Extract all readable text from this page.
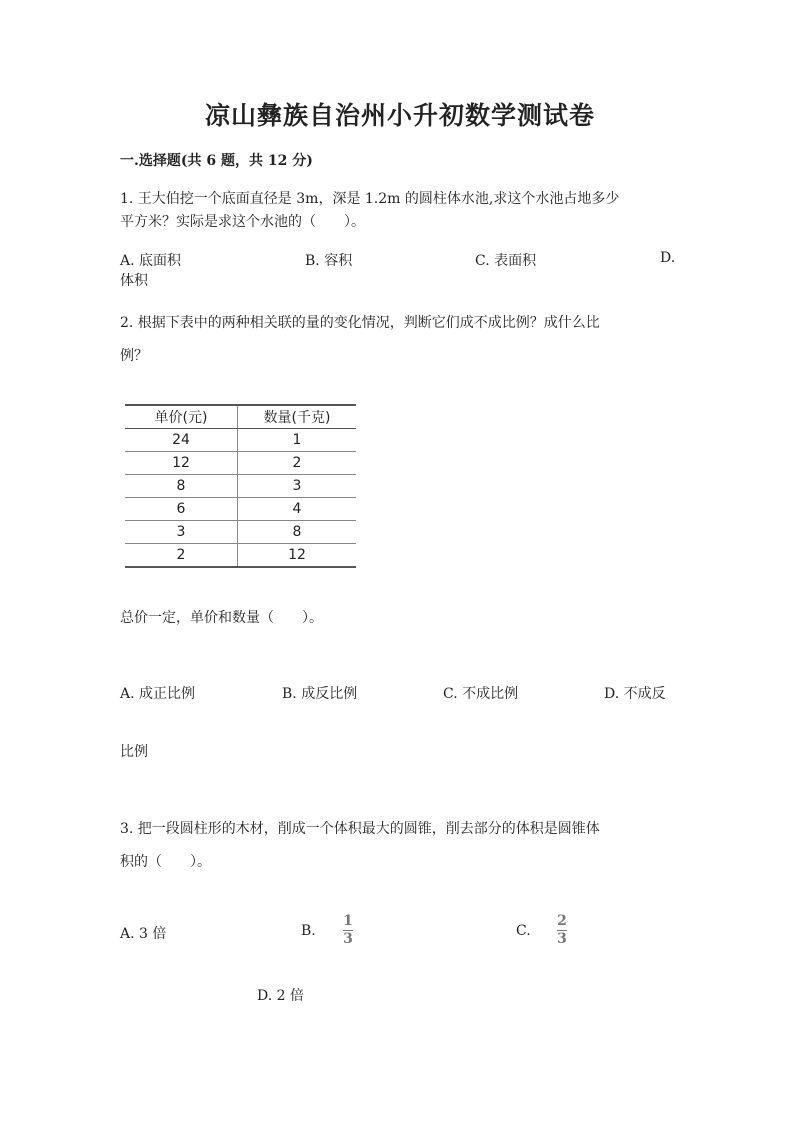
凉山彝族自治州小升初数学测试卷
一.选择题(共 6 题，共 12 分)
1. 王大伯挖一个底面直径是 3m，深是 1.2m 的圆柱体水池,求这个水池占地多少
平方米？实际是求这个水池的（　　）。
A. 底面积	B. 容积	C. 表面积	D.
体积
2. 根据下表中的两种相关联的量的变化情况，判断它们成不成比例？成什么比
例？
单价(元)	数量(千克)
24	1
12	2
8	3
6	4
3	8
2	12
总价一定，单价和数量（　　）。
A. 成正比例	B. 成反比例	C. 不成比例	D. 不成反
比例
3. 把一段圆柱形的木材，削成一个体积最大的圆锥，削去部分的体积是圆锥体
积的（　　）。
A. 3 倍	B.
1
3	C.
2
3
D. 2 倍
